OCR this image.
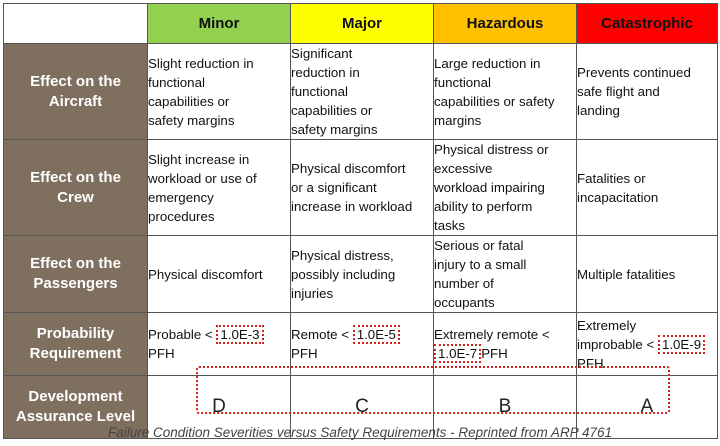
	Minor	Major	Hazardous	Catastrophic
Effect on the
Aircraft	Slight reduction in
functional
capabilities or
safety margins	Significant
reduction in
functional
capabilities or
safety margins	Large reduction in
functional
capabilities or safety
margins	Prevents continued
safe flight and
landing
Effect on the
Crew	Slight increase in
workload or use of
emergency
procedures	Physical discomfort
or a significant
increase in workload	Physical distress or
excessive
workload impairing
ability to perform
tasks	Fatalities or
incapacitation
Effect on the
Passengers	Physical discomfort	Physical distress,
possibly including
injuries	Serious or fatal
injury to a small
number of
occupants	Multiple fatalities
Probability
Requirement	Probable < 1.0E-3
PFH	Remote < 1.0E-5
PFH	Extremely remote <
1.0E-7 PFH	Extremely
improbable < 1.0E-9
PFH
Development
Assurance Level	D	C	B	A
Failure Condition Severities versus Safety Requirements - Reprinted from ARP 4761
